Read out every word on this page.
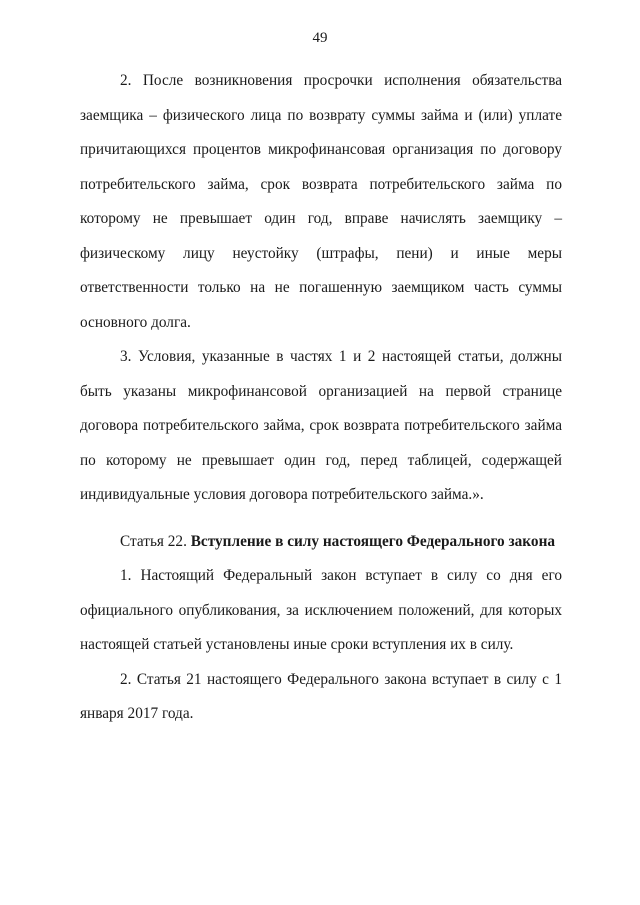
49

2. После возникновения просрочки исполнения обязательства заемщика – физического лица по возврату суммы займа и (или) уплате причитающихся процентов микрофинансовая организация по договору потребительского займа, срок возврата потребительского займа по которому не превышает один год, вправе начислять заемщику – физическому лицу неустойку (штрафы, пени) и иные меры ответственности только на не погашенную заемщиком часть суммы основного долга.

3. Условия, указанные в частях 1 и 2 настоящей статьи, должны быть указаны микрофинансовой организацией на первой странице договора потребительского займа, срок возврата потребительского займа по которому не превышает один год, перед таблицей, содержащей индивидуальные условия договора потребительского займа.».

Статья 22. Вступление в силу настоящего Федерального закона

1. Настоящий Федеральный закон вступает в силу со дня его официального опубликования, за исключением положений, для которых настоящей статьей установлены иные сроки вступления их в силу.

2. Статья 21 настоящего Федерального закона вступает в силу с 1 января 2017 года.
